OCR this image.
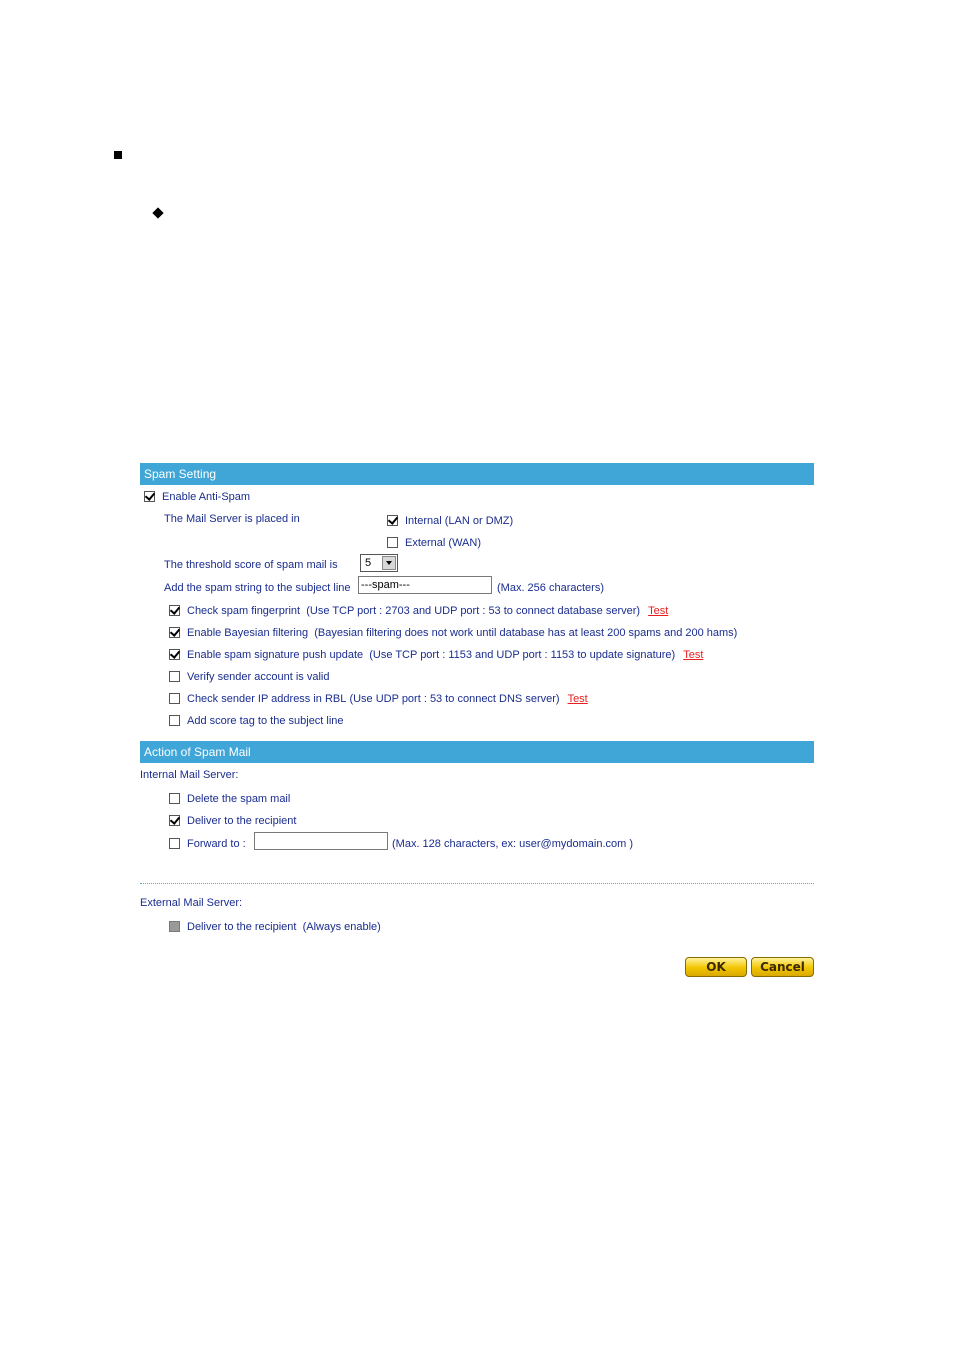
Spam Setting
Enable Anti-Spam
The Mail Server is placed in	Internal (LAN or DMZ)
External (WAN)
The threshold score of spam mail is	5
Add the spam string to the subject line ---spam---	(Max. 256 characters)
Check spam fingerprint (Use TCP port : 2703 and UDP port : 53 to connect database server) Test
Enable Bayesian filtering (Bayesian filtering does not work until database has at least 200 spams and 200 hams)
Enable spam signature push update (Use TCP port : 1153 and UDP port : 1153 to update signature) Test
Verify sender account is valid
Check sender IP address in RBL (Use UDP port : 53 to connect DNS server) Test
Add score tag to the subject line
Action of Spam Mail
Internal Mail Server:
Delete the spam mail
Deliver to the recipient
Forward to :	(Max. 128 characters, ex: user@mydomain.com )
External Mail Server:
Deliver to the recipient (Always enable)
OK	Cancel
